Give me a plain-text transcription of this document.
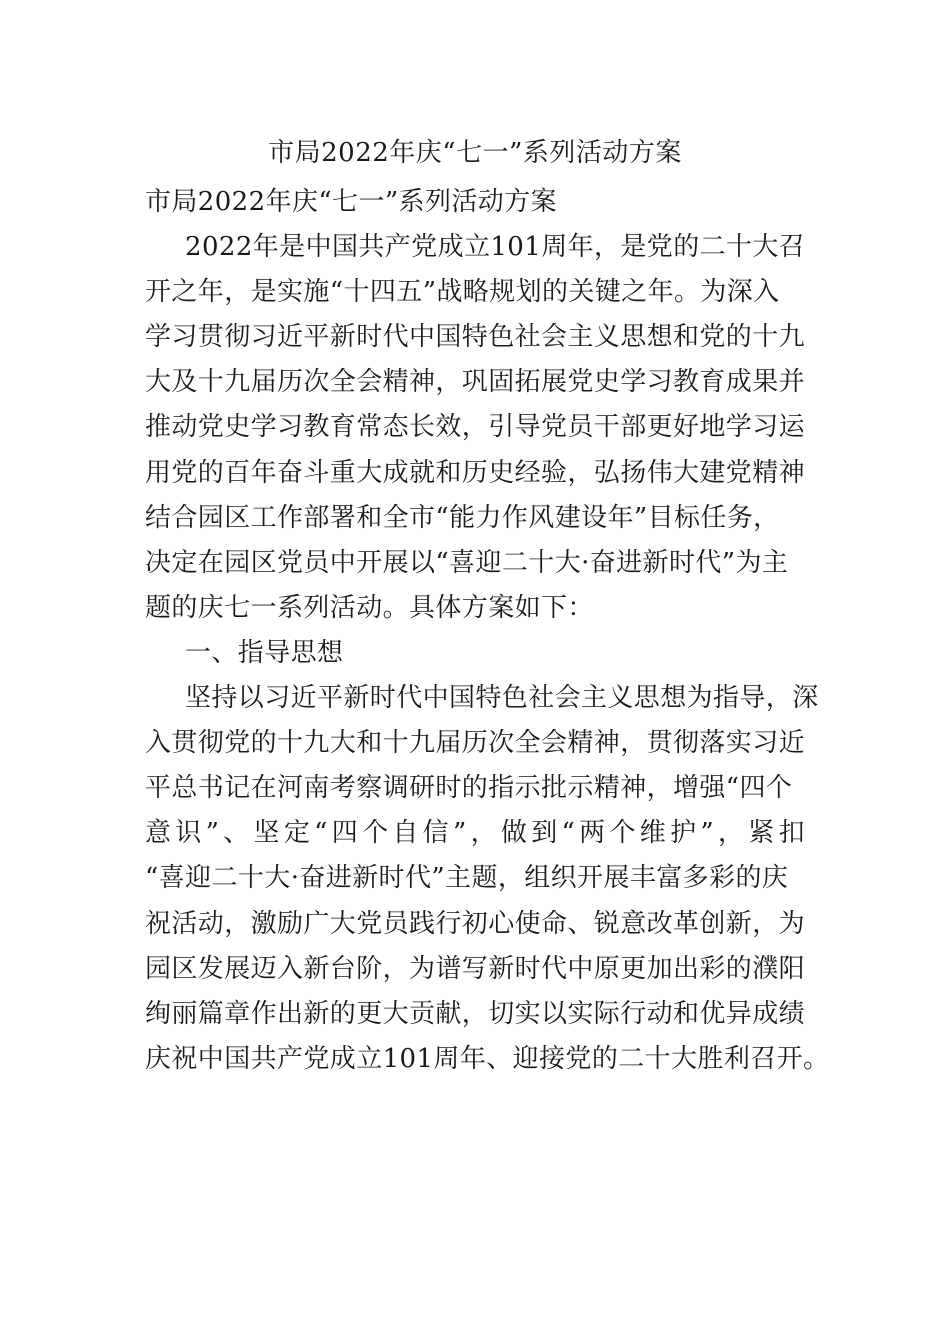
市局2022年庆“七一”系列活动方案
市局2022年庆“七一”系列活动方案
2022年是中国共产党成立101周年，是党的二十大召
开之年，是实施“十四五”战略规划的关键之年。为深入
学习贯彻习近平新时代中国特色社会主义思想和党的十九
大及十九届历次全会精神，巩固拓展党史学习教育成果并
推动党史学习教育常态长效，引导党员干部更好地学习运
用党的百年奋斗重大成就和历史经验，弘扬伟大建党精神
结合园区工作部署和全市“能力作风建设年”目标任务，
决定在园区党员中开展以“喜迎二十大·奋进新时代”为主
题的庆七一系列活动。具体方案如下：
一、指导思想
坚持以习近平新时代中国特色社会主义思想为指导，深
入贯彻党的十九大和十九届历次全会精神，贯彻落实习近
平总书记在河南考察调研时的指示批示精神，增强“四个
意识”、坚定“四个自信”，做到“两个维护”，紧扣
“喜迎二十大·奋进新时代”主题，组织开展丰富多彩的庆
祝活动，激励广大党员践行初心使命、锐意改革创新，为
园区发展迈入新台阶，为谱写新时代中原更加出彩的濮阳
绚丽篇章作出新的更大贡献，切实以实际行动和优异成绩
庆祝中国共产党成立101周年、迎接党的二十大胜利召开。
